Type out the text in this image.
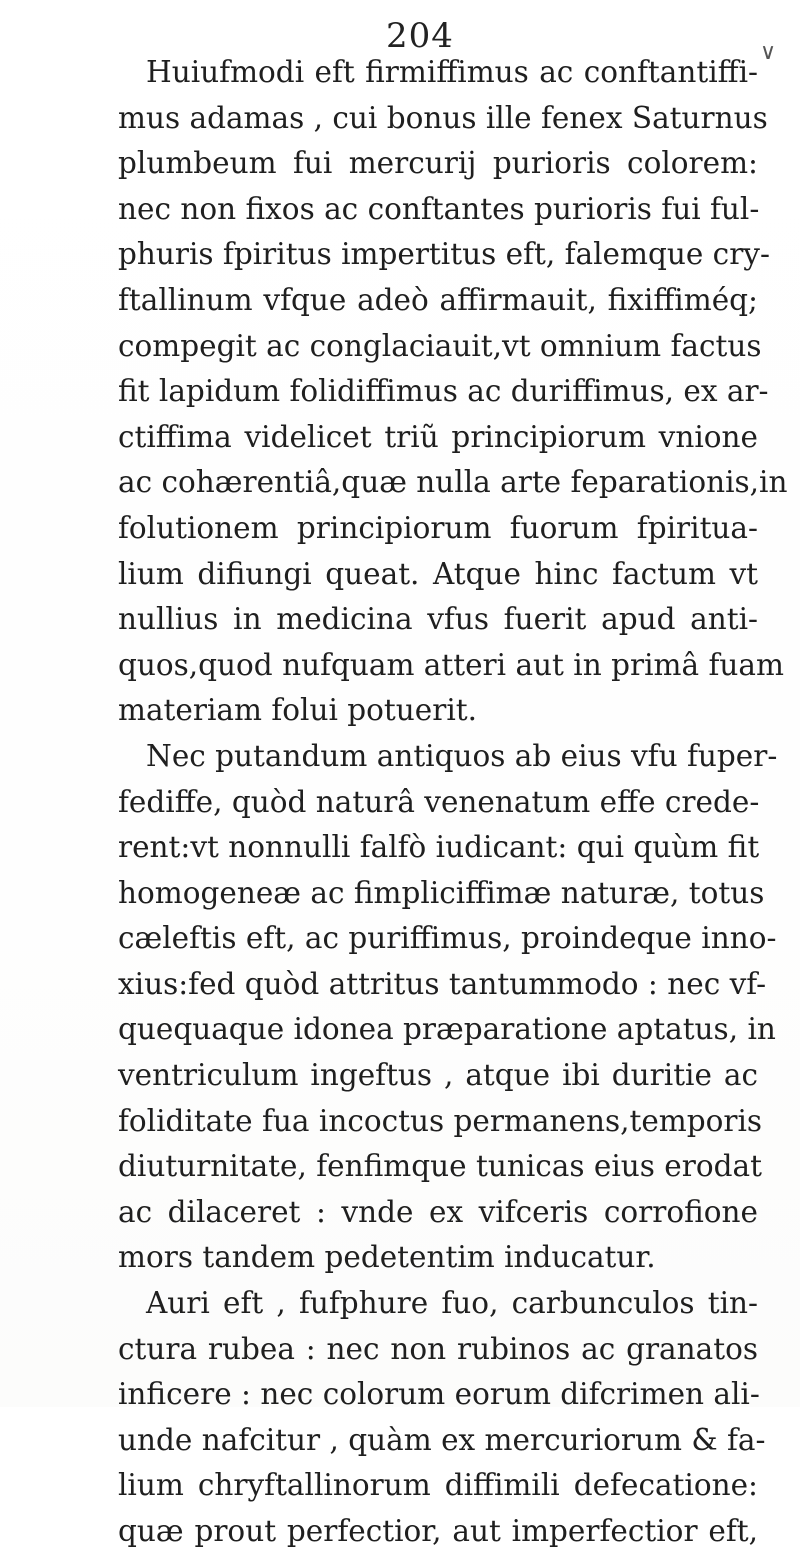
204	∨
Huiufmodi eft firmiffimus ac conftantiffi-
mus adamas , cui bonus ille fenex Saturnus
plumbeum fui mercurij purioris colorem:
nec non fixos ac conftantes purioris fui ful-
phuris fpiritus impertitus eft, falemque cry-
ftallinum vfque adeò affirmauit, fixiffiméq;
compegit ac conglaciauit,vt omnium factus
fit lapidum folidiffimus ac duriffimus, ex ar-
ctiffima videlicet triũ principiorum vnione
ac cohærentiâ,quæ nulla arte feparationis,in
folutionem principiorum fuorum fpiritua-
lium difiungi queat. Atque hinc factum vt
nullius in medicina vfus fuerit apud anti-
quos,quod nufquam atteri aut in primâ fuam
materiam folui potuerit.
Nec putandum antiquos ab eius vfu fuper-
fediffe, quòd naturâ venenatum effe crede-
rent:vt nonnulli falfò iudicant: qui quùm fit
homogeneæ ac fimpliciffimæ naturæ, totus
cæleftis eft, ac puriffimus, proindeque inno-
xius:fed quòd attritus tantummodo : nec vf-
quequaque idonea præparatione aptatus, in
ventriculum ingeftus , atque ibi duritie ac
foliditate fua incoctus permanens,temporis
diuturnitate, fenfimque tunicas eius erodat
ac dilaceret : vnde ex vifceris corrofione
mors tandem pedetentim inducatur.
Auri eft , fufphure fuo, carbunculos tin-
ctura rubea : nec non rubinos ac granatos
inficere : nec colorum eorum difcrimen ali-
unde nafcitur , quàm ex mercuriorum & fa-
lium chryftallinorum diffimili defecatione:
quæ prout perfectior, aut imperfectior eft,
